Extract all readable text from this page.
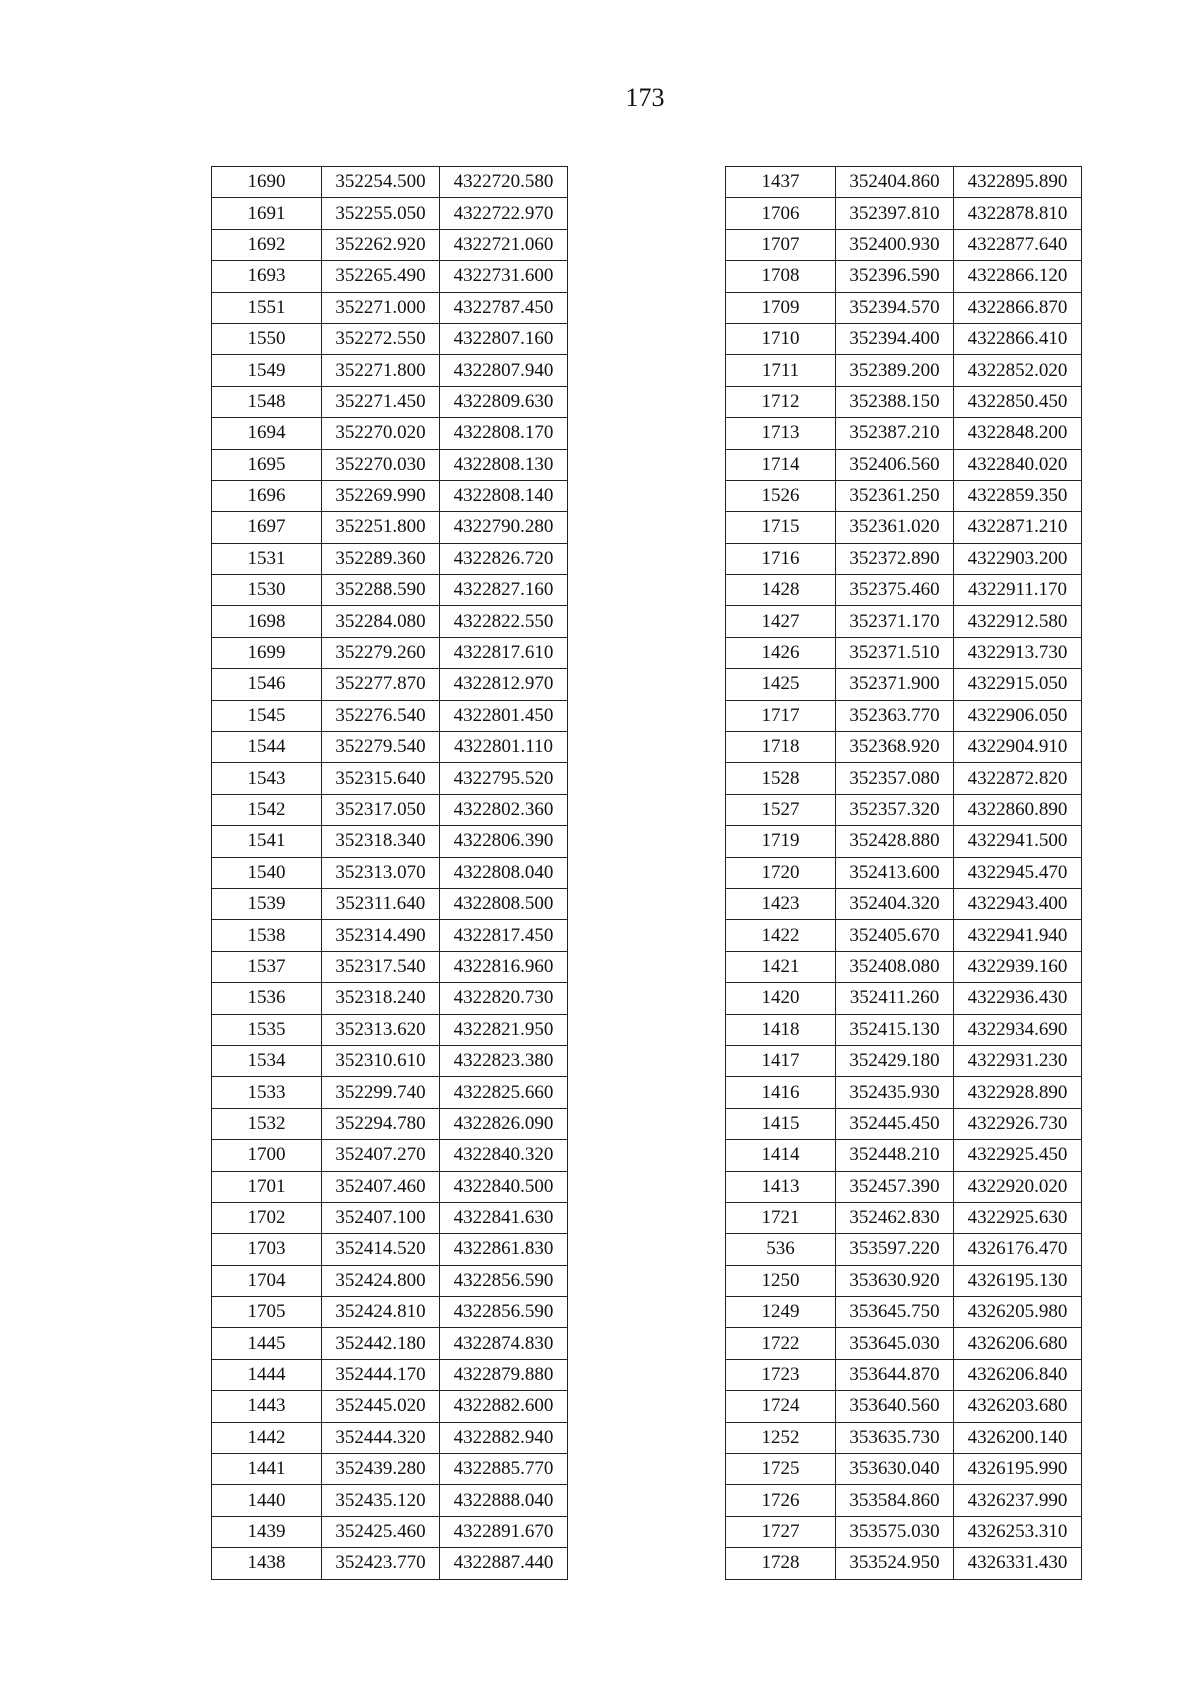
173
1690	352254.500	4322720.580
1691	352255.050	4322722.970
1692	352262.920	4322721.060
1693	352265.490	4322731.600
1551	352271.000	4322787.450
1550	352272.550	4322807.160
1549	352271.800	4322807.940
1548	352271.450	4322809.630
1694	352270.020	4322808.170
1695	352270.030	4322808.130
1696	352269.990	4322808.140
1697	352251.800	4322790.280
1531	352289.360	4322826.720
1530	352288.590	4322827.160
1698	352284.080	4322822.550
1699	352279.260	4322817.610
1546	352277.870	4322812.970
1545	352276.540	4322801.450
1544	352279.540	4322801.110
1543	352315.640	4322795.520
1542	352317.050	4322802.360
1541	352318.340	4322806.390
1540	352313.070	4322808.040
1539	352311.640	4322808.500
1538	352314.490	4322817.450
1537	352317.540	4322816.960
1536	352318.240	4322820.730
1535	352313.620	4322821.950
1534	352310.610	4322823.380
1533	352299.740	4322825.660
1532	352294.780	4322826.090
1700	352407.270	4322840.320
1701	352407.460	4322840.500
1702	352407.100	4322841.630
1703	352414.520	4322861.830
1704	352424.800	4322856.590
1705	352424.810	4322856.590
1445	352442.180	4322874.830
1444	352444.170	4322879.880
1443	352445.020	4322882.600
1442	352444.320	4322882.940
1441	352439.280	4322885.770
1440	352435.120	4322888.040
1439	352425.460	4322891.670
1438	352423.770	4322887.440
1437	352404.860	4322895.890
1706	352397.810	4322878.810
1707	352400.930	4322877.640
1708	352396.590	4322866.120
1709	352394.570	4322866.870
1710	352394.400	4322866.410
1711	352389.200	4322852.020
1712	352388.150	4322850.450
1713	352387.210	4322848.200
1714	352406.560	4322840.020
1526	352361.250	4322859.350
1715	352361.020	4322871.210
1716	352372.890	4322903.200
1428	352375.460	4322911.170
1427	352371.170	4322912.580
1426	352371.510	4322913.730
1425	352371.900	4322915.050
1717	352363.770	4322906.050
1718	352368.920	4322904.910
1528	352357.080	4322872.820
1527	352357.320	4322860.890
1719	352428.880	4322941.500
1720	352413.600	4322945.470
1423	352404.320	4322943.400
1422	352405.670	4322941.940
1421	352408.080	4322939.160
1420	352411.260	4322936.430
1418	352415.130	4322934.690
1417	352429.180	4322931.230
1416	352435.930	4322928.890
1415	352445.450	4322926.730
1414	352448.210	4322925.450
1413	352457.390	4322920.020
1721	352462.830	4322925.630
536	353597.220	4326176.470
1250	353630.920	4326195.130
1249	353645.750	4326205.980
1722	353645.030	4326206.680
1723	353644.870	4326206.840
1724	353640.560	4326203.680
1252	353635.730	4326200.140
1725	353630.040	4326195.990
1726	353584.860	4326237.990
1727	353575.030	4326253.310
1728	353524.950	4326331.430
